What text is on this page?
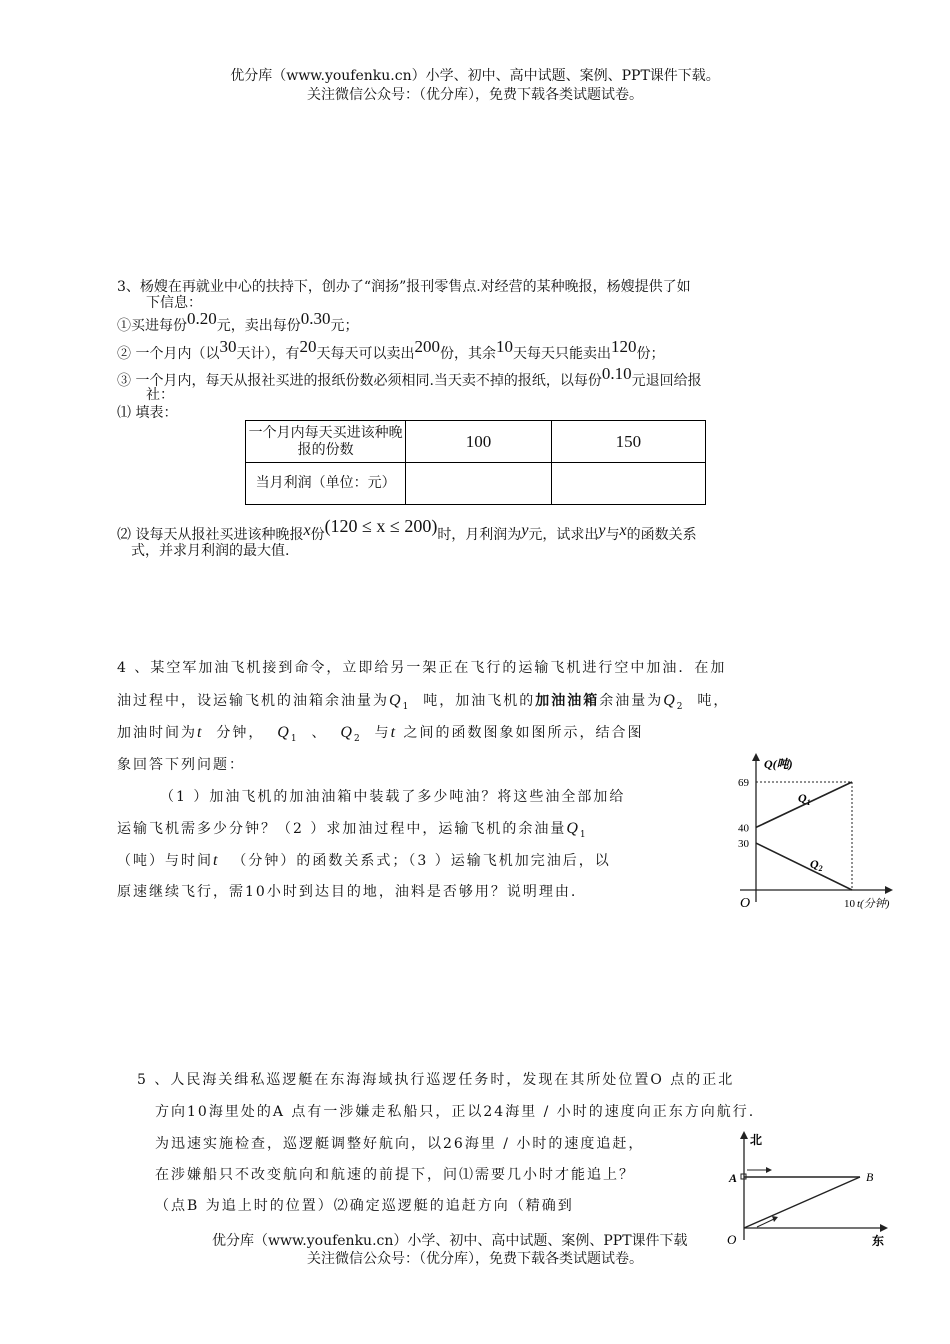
优分库（www.youfenku.cn）小学、初中、高中试题、案例、PPT课件下载。
关注微信公众号：（优分库），免费下载各类试题试卷。
3、杨嫂在再就业中心的扶持下，创办了“润扬”报刊零售点.对经营的某种晚报，杨嫂提供了如
下信息：
①买进每份0.20元，卖出每份0.30元；
② 一个月内（以30天计），有20天每天可以卖出200份，其余10天每天只能卖出120份；
③ 一个月内，每天从报社买进的报纸份数必须相同.当天卖不掉的报纸，以每份0.10元退回给报
社：
⑴ 填表：
一个月内每天买进该种晚报的份数	100	150
当月利润（单位：元）		
⑵ 设每天从报社买进该种晚报x份(120 ≤ x ≤ 200)时，月利润为y元，试求出y与x的函数关系
式，并求月利润的最大值.
4 、某空军加油飞机接到命令，立即给另一架正在飞行的运输飞机进行空中加油．在加
油过程中，设运输飞机的油箱余油量为$Q_1$ 吨，加油飞机的加油油箱余油量为$Q_2$ 吨，
加油时间为t 分钟， $Q_1$ 、 $Q_2$ 与t 之间的函数图象如图所示，结合图
象回答下列问题：
（1 ）加油飞机的加油油箱中装载了多少吨油？将这些油全部加给
运输飞机需多少分钟？（2 ）求加油过程中，运输飞机的余油量$Q_1$
（吨）与时间t （分钟）的函数关系式；（3 ）运输飞机加完油后，以
原速继续飞行，需10小时到达目的地，油料是否够用？说明理由.
Q(吨)
O	10 t(分钟)
69
40
30
$Q_1$
$Q_2$
5 、人民海关缉私巡逻艇在东海海域执行巡逻任务时，发现在其所处位置O 点的正北
方向10海里处的A 点有一涉嫌走私船只，正以24海里 / 小时的速度向正东方向航行.
为迅速实施检查，巡逻艇调整好航向，以26海里 / 小时的速度追赶，
在涉嫌船只不改变航向和航速的前提下，问⑴需要几小时才能追上？
（点B 为追上时的位置）⑵确定巡逻艇的追赶方向（精确到
北
东
A	B
O
优分库（www.youfenku.cn）小学、初中、高中试题、案例、PPT课件下载
关注微信公众号：（优分库），免费下载各类试题试卷。
